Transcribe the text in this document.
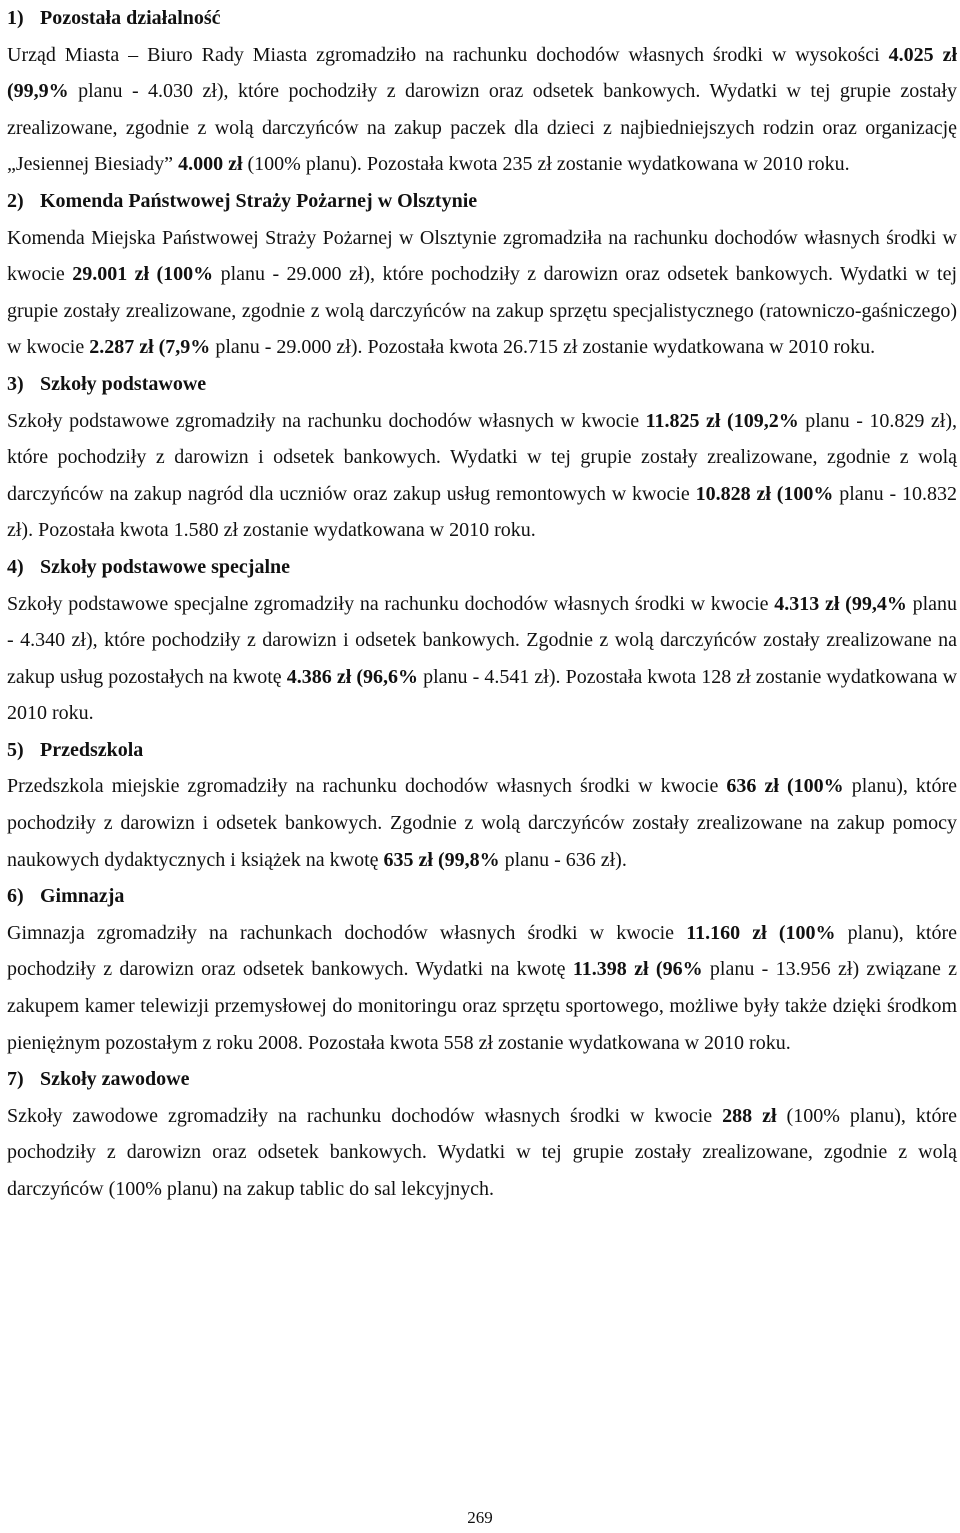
1) Pozostała działalność
Urząd Miasta – Biuro Rady Miasta zgromadziło na rachunku dochodów własnych środki w wysokości 4.025 zł (99,9% planu - 4.030 zł), które pochodziły z darowizn oraz odsetek bankowych. Wydatki w tej grupie zostały zrealizowane, zgodnie z wolą darczyńców na zakup paczek dla dzieci z najbiedniejszych rodzin oraz organizację „Jesiennej Biesiady” 4.000 zł (100% planu). Pozostała kwota 235 zł zostanie wydatkowana w 2010 roku.
2) Komenda Państwowej Straży Pożarnej w Olsztynie
Komenda Miejska Państwowej Straży Pożarnej w Olsztynie zgromadziła na rachunku dochodów własnych środki w kwocie 29.001 zł (100% planu - 29.000 zł), które pochodziły z darowizn oraz odsetek bankowych. Wydatki w tej grupie zostały zrealizowane, zgodnie z wolą darczyńców na zakup sprzętu specjalistycznego (ratowniczo-gaśniczego) w kwocie 2.287 zł (7,9% planu - 29.000 zł). Pozostała kwota 26.715 zł zostanie wydatkowana w 2010 roku.
3) Szkoły podstawowe
Szkoły podstawowe zgromadziły na rachunku dochodów własnych w kwocie 11.825 zł (109,2% planu - 10.829 zł), które pochodziły z darowizn i odsetek bankowych. Wydatki w tej grupie zostały zrealizowane, zgodnie z wolą darczyńców na zakup nagród dla uczniów oraz zakup usług remontowych w kwocie 10.828 zł (100% planu - 10.832 zł). Pozostała kwota 1.580 zł zostanie wydatkowana w 2010 roku.
4) Szkoły podstawowe specjalne
Szkoły podstawowe specjalne zgromadziły na rachunku dochodów własnych środki w kwocie 4.313 zł (99,4% planu - 4.340 zł), które pochodziły z darowizn i odsetek bankowych. Zgodnie z wolą darczyńców zostały zrealizowane na zakup usług pozostałych na kwotę 4.386 zł (96,6% planu - 4.541 zł). Pozostała kwota 128 zł zostanie wydatkowana w 2010 roku.
5) Przedszkola
Przedszkola miejskie zgromadziły na rachunku dochodów własnych środki w kwocie 636 zł (100% planu), które pochodziły z darowizn i odsetek bankowych. Zgodnie z wolą darczyńców zostały zrealizowane na zakup pomocy naukowych dydaktycznych i książek na kwotę 635 zł (99,8% planu - 636 zł).
6) Gimnazja
Gimnazja zgromadziły na rachunkach dochodów własnych środki w kwocie 11.160 zł (100% planu), które pochodziły z darowizn oraz odsetek bankowych. Wydatki na kwotę 11.398 zł (96% planu - 13.956 zł) związane z zakupem kamer telewizji przemysłowej do monitoringu oraz sprzętu sportowego, możliwe były także dzięki środkom pieniężnym pozostałym z roku 2008. Pozostała kwota 558 zł zostanie wydatkowana w 2010 roku.
7) Szkoły zawodowe
Szkoły zawodowe zgromadziły na rachunku dochodów własnych środki w kwocie 288 zł (100% planu), które pochodziły z darowizn oraz odsetek bankowych. Wydatki w tej grupie zostały zrealizowane, zgodnie z wolą darczyńców (100% planu) na zakup tablic do sal lekcyjnych.
269
